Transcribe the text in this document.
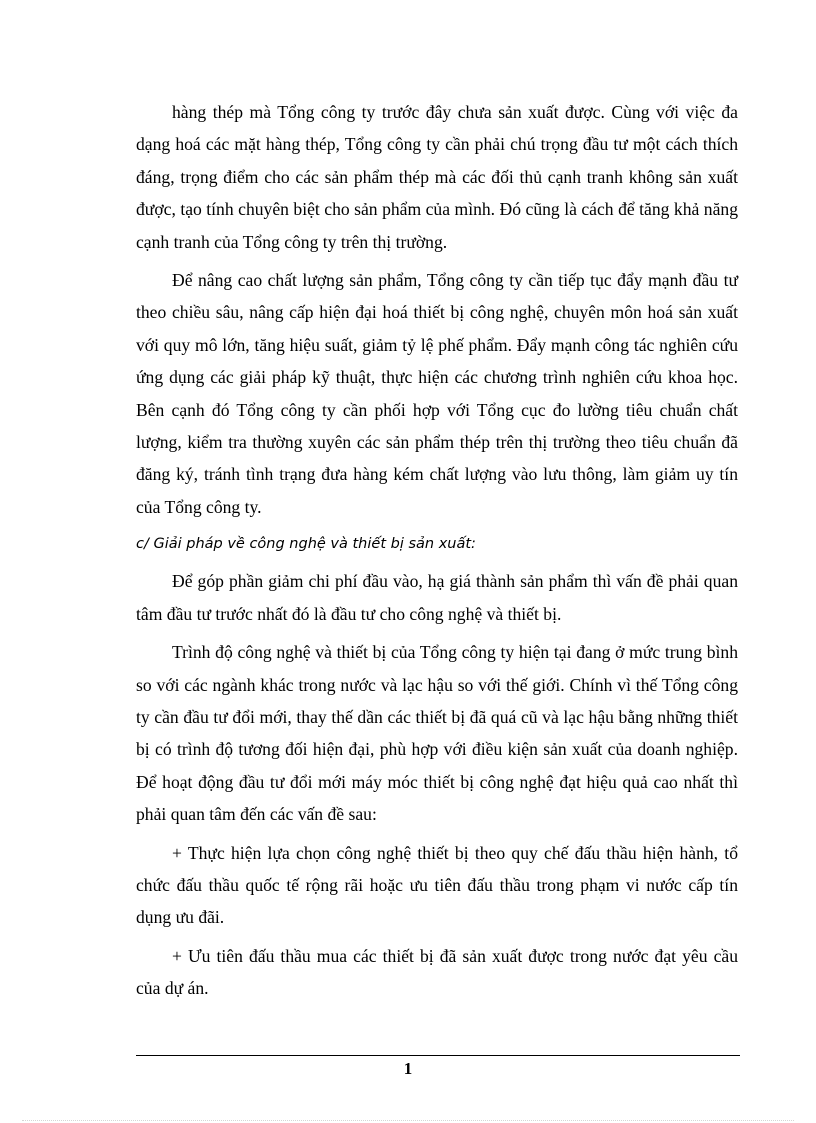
hàng thép mà Tổng công ty trước đây chưa sản xuất được. Cùng với việc đa dạng hoá các mặt hàng thép, Tổng công ty cần phải chú trọng đầu tư một cách thích đáng, trọng điểm cho các sản phẩm thép mà các đối thủ cạnh tranh không sản xuất được, tạo tính chuyên biệt cho sản phẩm của mình. Đó cũng là cách để tăng khả năng cạnh tranh của Tổng công ty trên thị trường.

Để nâng cao chất lượng sản phẩm, Tổng công ty cần tiếp tục đẩy mạnh đầu tư theo chiều sâu, nâng cấp hiện đại hoá thiết bị công nghệ, chuyên môn hoá sản xuất với quy mô lớn, tăng hiệu suất, giảm tỷ lệ phế phẩm. Đẩy mạnh công tác nghiên cứu ứng dụng các giải pháp kỹ thuật, thực hiện các chương trình nghiên cứu khoa học. Bên cạnh đó Tổng công ty cần phối hợp với Tổng cục đo lường tiêu chuẩn chất lượng, kiểm tra thường xuyên các sản phẩm thép trên thị trường theo tiêu chuẩn đã đăng ký, tránh tình trạng đưa hàng kém chất lượng vào lưu thông, làm giảm uy tín của Tổng công ty.

c/ Giải pháp về công nghệ và thiết bị sản xuất:

Để góp phần giảm chi phí đầu vào, hạ giá thành sản phẩm thì vấn đề phải quan tâm đầu tư trước nhất đó là đầu tư cho công nghệ và thiết bị.

Trình độ công nghệ và thiết bị của Tổng công ty hiện tại đang ở mức trung bình so với các ngành khác trong nước và lạc hậu so với thế giới. Chính vì thế Tổng công ty cần đầu tư đổi mới, thay thế dần các thiết bị đã quá cũ và lạc hậu bằng những thiết bị có trình độ tương đối hiện đại, phù hợp với điều kiện sản xuất của doanh nghiệp. Để hoạt động đầu tư đổi mới máy móc thiết bị công nghệ đạt hiệu quả cao nhất thì phải quan tâm đến các vấn đề sau:

+ Thực hiện lựa chọn công nghệ thiết bị theo quy chế đấu thầu hiện hành, tổ chức đấu thầu quốc tế rộng rãi hoặc ưu tiên đấu thầu trong phạm vi nước cấp tín dụng ưu đãi.

+ Ưu tiên đấu thầu mua các thiết bị đã sản xuất được trong nước đạt yêu cầu của dự án.

1
